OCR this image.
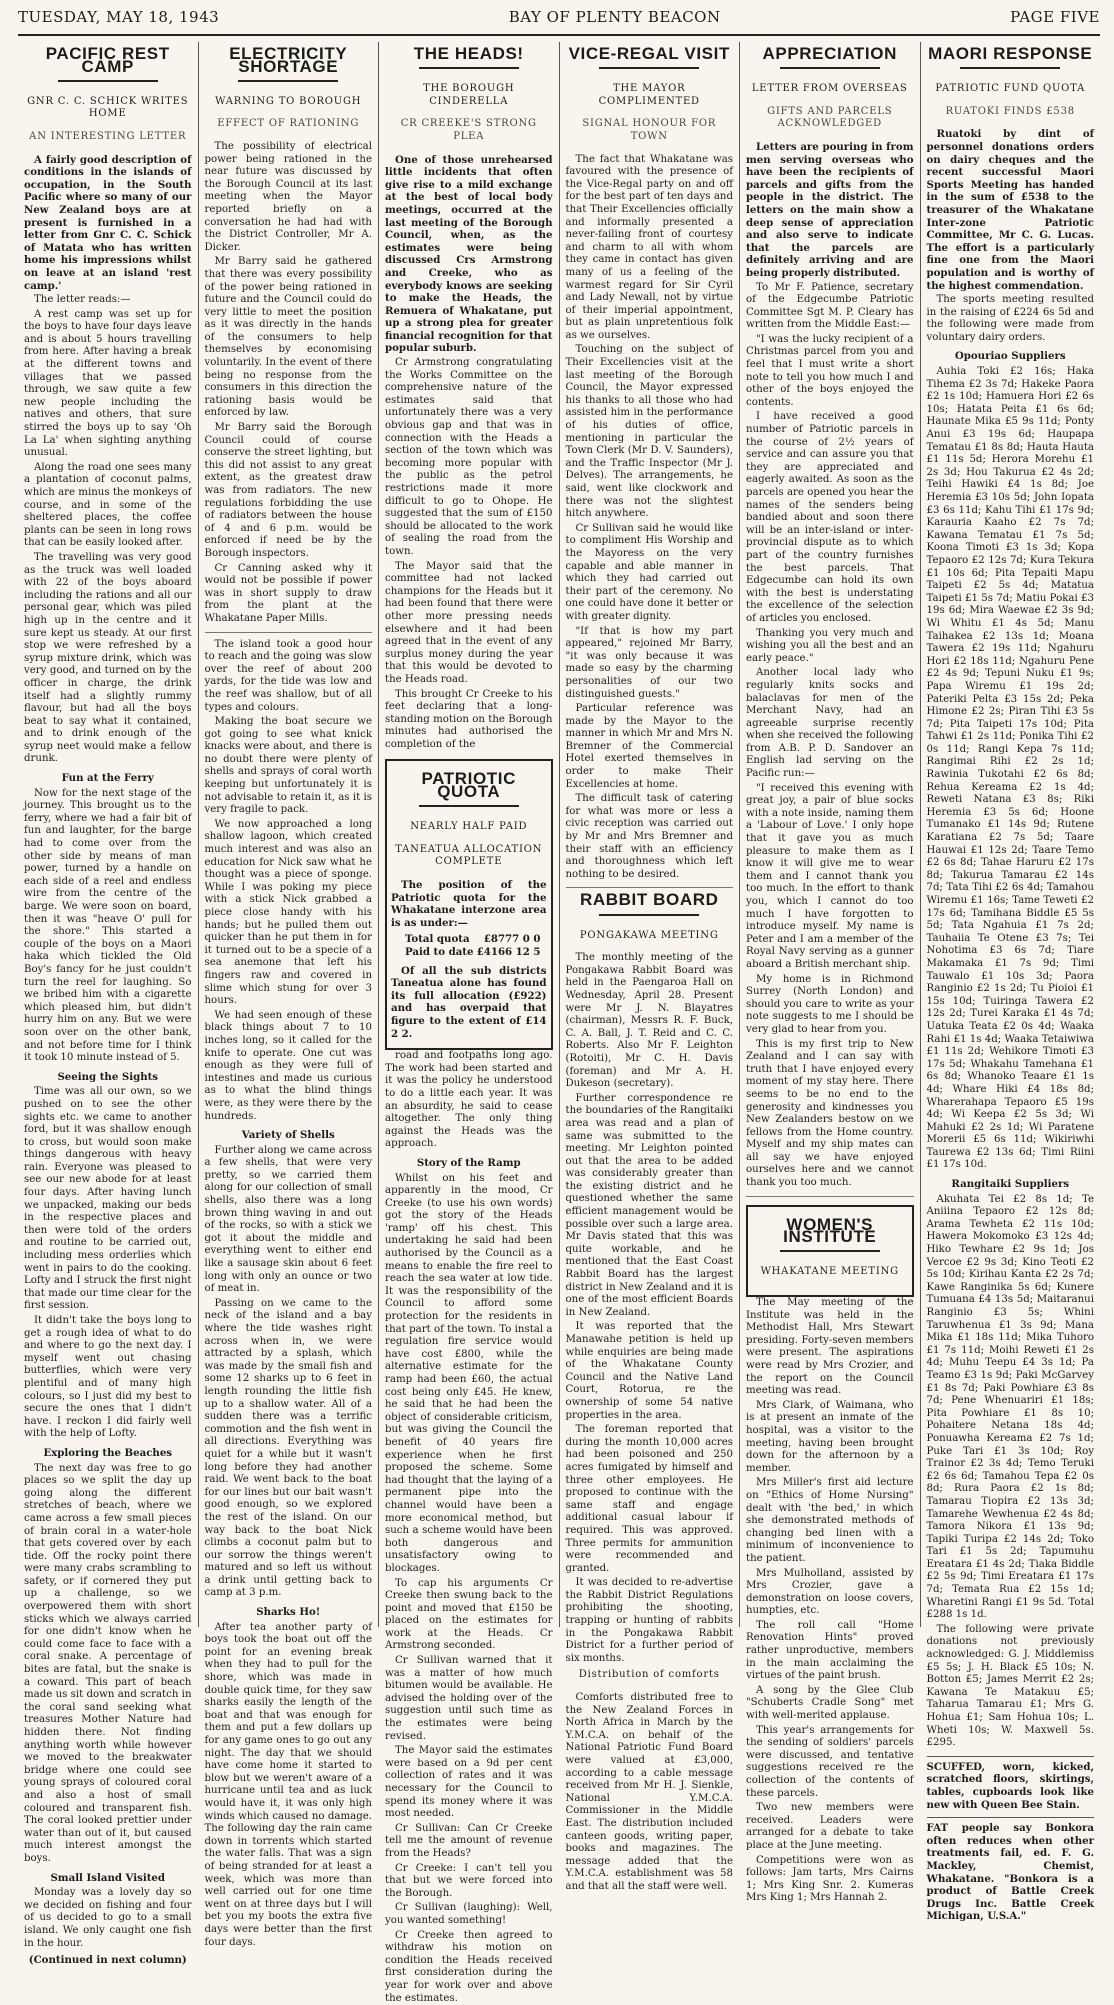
TUESDAY, MAY 18, 1943	BAY OF PLENTY BEACON	PAGE FIVE
PACIFIC REST CAMP
GNR C. C. SCHICK WRITES HOME
AN INTERESTING LETTER

A fairly good description of conditions in the islands of occupation, in the South Pacific where so many of our New Zealand boys are at present is furnished in a letter from Gnr C. C. Schick of Matata who has written home his impressions whilst on leave at an island 'rest camp.'

The letter reads:—

A rest camp was set up for the boys to have four days leave and is about 5 hours travelling from here. After having a break at the different towns and villages that we passed through, we saw quite a few new people including the natives and others, that sure stirred the boys up to say 'Oh La La' when sighting anything unusual.

Along the road one sees many a plantation of coconut palms, which are minus the monkeys of course, and in some of the sheltered places, the coffee plants can be seen in long rows that can be easily looked after.

The travelling was very good as the truck was well loaded with 22 of the boys aboard including the rations and all our personal gear, which was piled high up in the centre and it sure kept us steady. At our first stop we were refreshed by a syrup mixture drink, which was very good, and turned on by the officer in charge, the drink itself had a slightly rummy flavour, but had all the boys beat to say what it contained, and to drink enough of the syrup neet would make a fellow drunk.

Fun at the Ferry

Now for the next stage of the journey. This brought us to the ferry, where we had a fair bit of fun and laughter, for the barge had to come over from the other side by means of man power, turned by a handle on each side of a reel and endless wire from the centre of the barge. We were soon on board, then it was "heave O' pull for the shore." This started a couple of the boys on a Maori haka which tickled the Old Boy's fancy for he just couldn't turn the reel for laughing. So we bribed him with a cigarette which pleased him, but didn't hurry him on any. But we were soon over on the other bank, and not before time for I think it took 10 minute instead of 5.

Seeing the Sights

Time was all our own, so we pushed on to see the other sights etc. we came to another ford, but it was shallow enough to cross, but would soon make things dangerous with heavy rain. Everyone was pleased to see our new abode for at least four days. After having lunch we unpacked, making our beds in the respective places and then were told of the orders and routine to be carried out, including mess orderlies which went in pairs to do the cooking. Lofty and I struck the first night that made our time clear for the first session.

It didn't take the boys long to get a rough idea of what to do and where to go the next day. I myself went out chasing butterflies, which were very plentiful and of many high colours, so I just did my best to secure the ones that I didn't have. I reckon I did fairly well with the help of Lofty.

Exploring the Beaches

The next day was free to go places so we split the day up going along the different stretches of beach, where we came across a few small pieces of brain coral in a water-hole that gets covered over by each tide. Off the rocky point there were many crabs scrambling to safety, or if cornered they put up a challenge, so we overpowered them with short sticks which we always carried for one didn't know when he could come face to face with a coral snake. A percentage of bites are fatal, but the snake is a coward. This part of beach made us sit down and scratch in the coral sand seeking what treasures Mother Nature had hidden there. Not finding anything worth while however we moved to the breakwater bridge where one could see young sprays of coloured coral and also a host of small coloured and transparent fish. The coral looked prettier under water than out of it, but caused much interest amongst the boys.

Small Island Visited

Monday was a lovely day so we decided on fishing and four of us decided to go to a small island. We only caught one fish in the hour.

(Continued in next column)
ELECTRICITY SHORTAGE
WARNING TO BOROUGH
EFFECT OF RATIONING

The possibility of electrical power being rationed in the near future was discussed by the Borough Council at its last meeting when the Mayor reported briefly on a conversation he had had with the District Controller, Mr A. Dicker.

Mr Barry said he gathered that there was every possibility of the power being rationed in future and the Council could do very little to meet the position as it was directly in the hands of the consumers to help themselves by economising voluntarily. In the event of there being no response from the consumers in this direction the rationing basis would be enforced by law.

Mr Barry said the Borough Council could of course conserve the street lighting, but this did not assist to any great extent, as the greatest draw was from radiators. The new regulations forbidding the use of radiators between the house of 4 and 6 p.m. would be enforced if need be by the Borough inspectors.

Cr Canning asked why it would not be possible if power was in short supply to draw from the plant at the Whakatane Paper Mills.

The island took a good hour to reach and the going was slow over the reef of about 200 yards, for the tide was low and the reef was shallow, but of all types and colours.

Making the boat secure we got going to see what knick knacks were about, and there is no doubt there were plenty of shells and sprays of coral worth keeping but unfortunately it is not advisable to retain it, as it is very fragile to pack.

We now approached a long shallow lagoon, which created much interest and was also an education for Nick saw what he thought was a piece of sponge. While I was poking my piece with a stick Nick grabbed a piece close handy with his hands; but he pulled them out quicker than he put them in for it turned out to be a specie of a sea anemone that left his fingers raw and covered in slime which stung for over 3 hours.

We had seen enough of these black things about 7 to 10 inches long, so it called for the knife to operate. One cut was enough as they were full of intestines and made us curious as to what the blind things were, as they were there by the hundreds.

Variety of Shells

Further along we came across a few shells, that were very pretty, so we carried them along for our collection of small shells, also there was a long brown thing waving in and out of the rocks, so with a stick we got it about the middle and everything went to either end like a sausage skin about 6 feet long with only an ounce or two of meat in.

Passing on we came to the neck of the island and a bay where the tide washes right across when in, we were attracted by a splash, which was made by the small fish and some 12 sharks up to 6 feet in length rounding the little fish up to a shallow water. All of a sudden there was a terrific commotion and the fish went in all directions. Everything was quiet for a while but it wasn't long before they had another raid. We went back to the boat for our lines but our bait wasn't good enough, so we explored the rest of the island. On our way back to the boat Nick climbs a coconut palm but to our sorrow the things weren't matured and so left us without a drink until getting back to camp at 3 p.m.

Sharks Ho!

After tea another party of boys took the boat out off the point for an evening break when they had to pull for the shore, which was made in double quick time, for they saw sharks easily the length of the boat and that was enough for them and put a few dollars up for any game ones to go out any night. The day that we should have come home it started to blow but we weren't aware of a hurricane until tea and as luck would have it, it was only high winds which caused no damage. The following day the rain came down in torrents which started the water falls. That was a sign of being stranded for at least a week, which was more than well carried out for one time went on at three days but I will bet you my boots the extra five days were better than the first four days.

THE HEADS!
THE BOROUGH CINDERELLA
CR CREEKE'S STRONG PLEA

One of those unrehearsed little incidents that often give rise to a mild exchange at the best of local body meetings, occurred at the last meeting of the Borough Council, when, as the estimates were being discussed Crs Armstrong and Creeke, who as everybody knows are seeking to make the Heads, the Remuera of Whakatane, put up a strong plea for greater financial recognition for that popular suburb.

Cr Armstrong congratulating the Works Committee on the comprehensive nature of the estimates said that unfortunately there was a very obvious gap and that was in connection with the Heads a section of the town which was becoming more popular with the public as the petrol restrictions made it more difficult to go to Ohope. He suggested that the sum of £150 should be allocated to the work of sealing the road from the town.

The Mayor said that the committee had not lacked champions for the Heads but it had been found that there were other more pressing needs elsewhere and it had been agreed that in the event of any surplus money during the year that this would be devoted to the Heads road.

This brought Cr Creeke to his feet declaring that a long-standing motion on the Borough minutes had authorised the completion of the

PATRIOTIC QUOTA
NEARLY HALF PAID
TANEATUA ALLOCATION COMPLETE

The position of the Patriotic quota for the Whakatane interzone area is as under:—

Total quota £8777 0 0
Paid to date £4166 12 5

Of all the sub districts Taneatua alone has found its full allocation (£922) and has overpaid that figure to the extent of £14 2 2.

road and footpaths long ago. The work had been started and it was the policy he understood to do a little each year. It was an absurdity, he said to cease altogether. The only thing against the Heads was the approach.

Story of the Ramp

Whilst on his feet and apparently in the mood, Cr Creeke (to use his own words) got the story of the Heads 'ramp' off his chest. This undertaking he said had been authorised by the Council as a means to enable the fire reel to reach the sea water at low tide. It was the responsibility of the Council to afford some protection for the residents in that part of the town. To instal a regulation fire service would have cost £800, while the alternative estimate for the ramp had been £60, the actual cost being only £45. He knew, he said that he had been the object of considerable criticism, but was giving the Council the benefit of 40 years fire experience when he first proposed the scheme. Some had thought that the laying of a permanent pipe into the channel would have been a more economical method, but such a scheme would have been both dangerous and unsatisfactory owing to blockages.

To cap his arguments Cr Creeke then swung back to the point and moved that £150 be placed on the estimates for work at the Heads. Cr Armstrong seconded.

Cr Sullivan warned that it was a matter of how much bitumen would be available. He advised the holding over of the suggestion until such time as the estimates were being revised.

The Mayor said the estimates were based on a 9d per cent collection of rates and it was necessary for the Council to spend its money where it was most needed.

Cr Sullivan: Can Cr Creeke tell me the amount of revenue from the Heads?

Cr Creeke: I can't tell you that but we were forced into the Borough.

Cr Sullivan (laughing): Well, you wanted something!

Cr Creeke then agreed to withdraw his motion on condition the Heads received first consideration during the year for work over and above the estimates.

VICE-REGAL VISIT
THE MAYOR COMPLIMENTED
SIGNAL HONOUR FOR TOWN

The fact that Whakatane was favoured with the presence of the Vice-Regal party on and off for the best part of ten days and that Their Excellencies officially and informally presented a never-failing front of courtesy and charm to all with whom they came in contact has given many of us a feeling of the warmest regard for Sir Cyril and Lady Newall, not by virtue of their imperial appointment, but as plain unpretentious folk as we ourselves.

Touching on the subject of Their Excellencies visit at the last meeting of the Borough Council, the Mayor expressed his thanks to all those who had assisted him in the performance of his duties of office, mentioning in particular the Town Clerk (Mr D. V. Saunders), and the Traffic Inspector (Mr J. Delves). The arrangements, he said, went like clockwork and there was not the slightest hitch anywhere.

Cr Sullivan said he would like to compliment His Worship and the Mayoress on the very capable and able manner in which they had carried out their part of the ceremony. No one could have done it better or with greater dignity.

"If that is how my part appeared," rejoined Mr Barry, "it was only because it was made so easy by the charming personalities of our two distinguished guests."

Particular reference was made by the Mayor to the manner in which Mr and Mrs N. Bremner of the Commercial Hotel exerted themselves in order to make Their Excellencies at home.

The difficult task of catering for what was more or less a civic reception was carried out by Mr and Mrs Bremner and their staff with an efficiency and thoroughness which left nothing to be desired.

RABBIT BOARD
PONGAKAWA MEETING

The monthly meeting of the Pongakawa Rabbit Board was held in the Paengaroa Hall on Wednesday, April 28. Present were Mr J. N. Blayatres (chairman), Messrs R. F. Buck, C. A. Ball, J. T. Reid and C. C. Roberts. Also Mr F. Leighton (Rotoiti), Mr C. H. Davis (foreman) and Mr A. H. Dukeson (secretary).

Further correspondence re the boundaries of the Rangitaiki area was read and a plan of same was submitted to the meeting. Mr Leighton pointed out that the area to be added was considerably greater than the existing district and he questioned whether the same efficient management would be possible over such a large area. Mr Davis stated that this was quite workable, and he mentioned that the East Coast Rabbit Board has the largest district in New Zealand and it is one of the most efficient Boards in New Zealand.

It was reported that the Manawahe petition is held up while enquiries are being made of the Whakatane County Council and the Native Land Court, Rotorua, re the ownership of some 54 native properties in the area.

The foreman reported that during the month 10,000 acres had been poisoned and 250 acres fumigated by himself and three other employees. He proposed to continue with the same staff and engage additional casual labour if required. This was approved. Three permits for ammunition were recommended and granted.

It was decided to re-advertise the Rabbit District Regulations prohibiting the shooting, trapping or hunting of rabbits in the Pongakawa Rabbit District for a further period of six months.

Distribution of comforts

Comforts distributed free to the New Zealand Forces in North Africa in March by the Y.M.C.A. on behalf of the National Patriotic Fund Board were valued at £3,000, according to a cable message received from Mr H. J. Sienkle, National Y.M.C.A. Commissioner in the Middle East. The distribution included canteen goods, writing paper, books and magazines. The message added that the Y.M.C.A. establishment was 58 and that all the staff were well.

APPRECIATION
LETTER FROM OVERSEAS
GIFTS AND PARCELS ACKNOWLEDGED

Letters are pouring in from men serving overseas who have been the recipients of parcels and gifts from the people in the district. The letters on the main show a deep sense of appreciation and also serve to indicate that the parcels are definitely arriving and are being properly distributed.

To Mr F. Patience, secretary of the Edgecumbe Patriotic Committee Sgt M. P. Cleary has written from the Middle East:—

"I was the lucky recipient of a Christmas parcel from you and feel that I must write a short note to tell you how much I and other of the boys enjoyed the contents.

I have received a good number of Patriotic parcels in the course of 2½ years of service and can assure you that they are appreciated and eagerly awaited. As soon as the parcels are opened you hear the names of the senders being bandied about and soon there will be an inter-island or inter-provincial dispute as to which part of the country furnishes the best parcels. That Edgecumbe can hold its own with the best is understating the excellence of the selection of articles you enclosed.

Thanking you very much and wishing you all the best and an early peace."

Another local lady who regularly knits socks and balaclavas for men of the Merchant Navy, had an agreeable surprise recently when she received the following from A.B. P. D. Sandover an English lad serving on the Pacific run:—

"I received this evening with great joy, a pair of blue socks with a note inside, naming them a 'Labour of Love.' I only hope that it gave you as much pleasure to make them as I know it will give me to wear them and I cannot thank you too much. In the effort to thank you, which I cannot do too much I have forgotten to introduce myself. My name is Peter and I am a member of the Royal Navy serving as a gunner aboard a British merchant ship.

My home is in Richmond Surrey (North London) and should you care to write as your note suggests to me I should be very glad to hear from you.

This is my first trip to New Zealand and I can say with truth that I have enjoyed every moment of my stay here. There seems to be no end to the generosity and kindnesses you New Zealanders bestow on we fellows from the Home country. Myself and my ship mates can all say we have enjoyed ourselves here and we cannot thank you too much.

WOMEN'S INSTITUTE
WHAKATANE MEETING

The May meeting of the Institute was held in the Methodist Hall, Mrs Stewart presiding. Forty-seven members were present. The aspirations were read by Mrs Crozier, and the report on the Council meeting was read.

Mrs Clark, of Waimana, who is at present an inmate of the hospital, was a visitor to the meeting, having been brought down for the afternoon by a member.

Mrs Miller's first aid lecture on "Ethics of Home Nursing" dealt with 'the bed,' in which she demonstrated methods of changing bed linen with a minimum of inconvenience to the patient.

Mrs Mulholland, assisted by Mrs Crozier, gave a demonstration on loose covers, humpties, etc.

The roll call "Home Renovation Hints" proved rather unproductive, members in the main acclaiming the virtues of the paint brush.

A song by the Glee Club "Schuberts Cradle Song" met with well-merited applause.

This year's arrangements for the sending of soldiers' parcels were discussed, and tentative suggestions received re the collection of the contents of these parcels.

Two new members were received. Leaders were arranged for a debate to take place at the June meeting.

Competitions were won as follows: Jam tarts, Mrs Cairns 1; Mrs King Snr. 2. Kumeras Mrs King 1; Mrs Hannah 2.

MAORI RESPONSE
PATRIOTIC FUND QUOTA
RUATOKI FINDS £538

Ruatoki by dint of personnel donations orders on dairy cheques and the recent successful Maori Sports Meeting has handed in the sum of £538 to the treasurer of the Whakatane Inter-zone Patriotic Committee, Mr C. G. Lucas. The effort is a particularly fine one from the Maori population and is worthy of the highest commendation.

The sports meeting resulted in the raising of £224 6s 5d and the following were made from voluntary dairy orders.

Opouriao Suppliers

Auhia Toki £2 16s; Haka Tihema £2 3s 7d; Hakeke Paora £2 1s 10d; Hamuera Hori £2 6s 10s; Hatata Peita £1 6s 6d; Haunate Mika £5 9s 11d; Ponty Anui £3 19s 6d; Haupapa Tematau £1 8s 8d; Hauta Hauta £1 11s 5d; Herora Morehu £1 2s 3d; Hou Takurua £2 4s 2d; Teihi Hawiki £4 1s 8d; Joe Heremia £3 10s 5d; John Iopata £3 6s 11d; Kahu Tihi £1 17s 9d; Karauria Kaaho £2 7s 7d; Kawana Tematau £1 7s 5d; Koona Timoti £3 1s 3d; Kopa Tepaoro £2 12s 7d; Kura Tekura £1 10s 6d; Pita Tepaiti Mapu Taipeti £2 5s 4d; Matatua Taipeti £1 5s 7d; Matiu Pokai £3 19s 6d; Mira Waewae £2 3s 9d; Wi Whitu £1 4s 5d; Manu Taihakea £2 13s 1d; Moana Tawera £2 19s 11d; Ngahuru Hori £2 18s 11d; Ngahuru Pene £2 4s 9d; Tepuni Nuku £1 9s; Papa Wiremu £1 19s 2d; Pateriki Pelta £3 15s 2d; Peka Himone £2 2s; Piran Tihi £3 5s 7d; Pita Taipeti 17s 10d; Pita Tahwi £1 2s 11d; Ponika Tihi £2 0s 11d; Rangi Kepa 7s 11d; Rangimai Rihi £2 2s 1d; Rawinia Tukotahi £2 6s 8d; Rehua Kereama £2 1s 4d; Reweti Natana £3 8s; Riki Heremia £3 5s 6d; Hoone Tumanako £1 14s 9d; Rutene Karatiana £2 7s 5d; Taare Hauwai £1 12s 2d; Taare Temo £2 6s 8d; Tahae Haruru £2 17s 8d; Takurua Tamarau £2 14s 7d; Tata Tihi £2 6s 4d; Tamahou Wiremu £1 16s; Tame Teweti £2 17s 6d; Tamihana Biddle £5 5s 5d; Tata Ngahuia £1 7s 2d; Tauhaiia Te Otene £3 7s; Tei Nohotima £3 6s 7d; Tiare Makamaka £1 7s 9d; Timi Tauwalo £1 10s 3d; Paora Ranginio £2 1s 2d; Tu Pioioi £1 15s 10d; Tuiringa Tawera £2 12s 2d; Turei Karaka £1 4s 7d; Uatuka Teata £2 0s 4d; Waaka Rahi £1 1s 4d; Waaka Tetaiwiwa £1 11s 2d; Wehikore Timoti £3 17s 5d; Whakahu Tamehana £1 6s 8d; Whanoko Teaare £1 1s 4d; Whare Hiki £4 18s 8d; Wharerahapa Tepaoro £5 19s 4d; Wi Keepa £2 5s 3d; Wi Mahuki £2 2s 1d; Wi Paratene Morerii £5 6s 11d; Wikiriwhi Taurewa £2 13s 6d; Timi Riini £1 17s 10d.

Rangitaiki Suppliers

Akuhata Tei £2 8s 1d; Te Aniiina Tepaoro £2 12s 8d; Arama Tewheta £2 11s 10d; Hawera Mokomoko £3 12s 4d; Hiko Tewhare £2 9s 1d; Jos Vercoe £2 9s 3d; Kino Teoti £2 5s 10d; Kirihau Kanta £2 2s 7d; Kawe Ranginika 5s 6d; Kunere Tumuana £4 13s 5d; Maitaranui Ranginio £3 5s; Whini Taruwhenua £1 3s 9d; Mana Mika £1 18s 11d; Mika Tuhoro £1 7s 11d; Moihi Reweti £1 2s 4d; Muhu Teepu £4 3s 1d; Pa Teamo £3 1s 9d; Paki McGarvey £1 8s 7d; Paki Powhiare £3 8s 7d; Pene Whenuariri £1 18s; Pita Powhiare £1 8s 10; Pohaitere Netana 18s 4d; Ponuawha Kereama £2 7s 1d; Puke Tari £1 3s 10d; Roy Trainor £2 3s 4d; Temo Teruki £2 6s 6d; Tamahou Tepa £2 0s 8d; Rura Paora £2 1s 8d; Tamarau Tiopira £2 13s 3d; Tamarehe Wewhenua £2 4s 8d; Tamora Nikora £1 13s 9d; Tapiki Turipa £2 14s 2d; Toko Tari £1 5s 2d; Tapumuhu Ereatara £1 4s 2d; Tiaka Biddle £2 5s 9d; Timi Ereatara £1 17s 7d; Temata Rua £2 15s 1d; Wharetini Rangi £1 9s 5d. Total £288 1s 1d.

The following were private donations not previously acknowledged: G. J. Middlemiss £5 5s; J. H. Black £5 10s; N. Botton £5; James Merrit £2 2s; Kawana Te Matakuu £5; Taharua Tamarau £1; Mrs G. Hohua £1; Sam Hohua 10s; L. Wheti 10s; W. Maxwell 5s. £295.

SCUFFED, worn, kicked, scratched floors, skirtings, tables, cupboards look like new with Queen Bee Stain.
FAT people say Bonkora often reduces when other treatments fail, ed. F. G. Mackley, Chemist, Whakatane. "Bonkora is a product of Battle Creek Drugs Inc. Battle Creek Michigan, U.S.A."
